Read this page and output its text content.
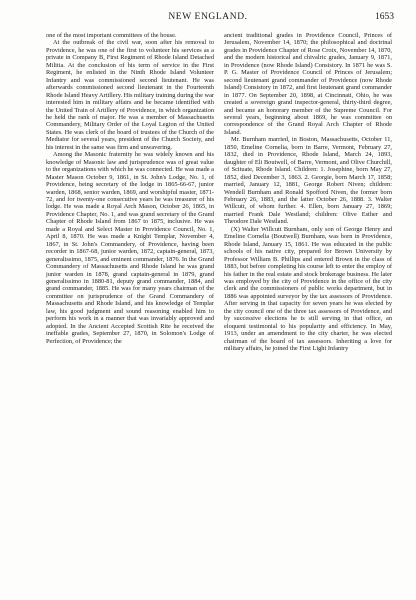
NEW ENGLAND.	1653

one of the most important committees of the house.

At the outbreak of the civil war, soon after his removal to Providence, he was one of the first to volunteer his services as a private in Company B, First Regiment of Rhode Island Detached Militia. At the conclusion of his term of service in the First Regiment, he enlisted in the Ninth Rhode Island Volunteer Infantry and was commissioned second lieutenant. He was afterwards commissioned second lieutenant in the Fourteenth Rhode Island Heavy Artillery. His military training during the war interested him in military affairs and he became identified with the United Train of Artillery of Providence, in which organization he held the rank of major. He was a member of Massachusetts Commandery, Military Order of the Loyal Legion of the United States. He was clerk of the board of trustees of the Church of the Mediator for several years, president of the Church Society, and his interest in the same was firm and unwavering.

Among the Masonic fraternity he was widely known and his knowledge of Masonic law and jurisprudence was of great value to the organizations with which he was connected. He was made a Master Mason October 9, 1861, in St. John's Lodge, No. 1, of Providence, being secretary of the lodge in 1865-66-67, junior warden, 1868, senior warden, 1869, and worshipful master, 1871-72, and for twenty-one consecutive years he was treasurer of his lodge. He was made a Royal Arch Mason, October 26, 1865, in Providence Chapter, No. 1, and was grand secretary of the Grand Chapter of Rhode Island from 1867 to 1875, inclusive. He was made a Royal and Select Master in Providence Council, No. 1, April 8, 1870. He was made a Knight Templar, November 4, 1867, in St. John's Commandery, of Providence, having been recorder in 1867-68, junior warden, 1872, captain-general, 1873, generalissimo, 1875, and eminent commander, 1876. In the Grand Commandery of Massachusetts and Rhode Island he was grand junior warden in 1878, grand captain-general in 1879, grand generalissimo in 1880-81, deputy grand commander, 1884, and grand commander, 1885. He was for many years chairman of the committee on jurisprudence of the Grand Commandery of Massachusetts and Rhode Island, and his knowledge of Templar law, his good judgment and sound reasoning enabled him to perform his work in a manner that was invariably approved and adopted. In the Ancient Accepted Scottish Rite he received the ineffable grades, September 27, 1870, in Solomon's Lodge of Perfection, of Providence; the

ancient traditional grades in Providence Council, Princes of Jerusalem, November 14, 1870; the philosophical and doctrinal grades in Providence Chapter of Rose Croix, November 14, 1870, and the modern historical and chivalric grades, January 9, 1871, in Providence (now Rhode Island) Consistory. In 1871 he was S. P. G. Master of Providence Council of Princes of Jerusalem; second lieutenant grand commander of Providence (now Rhode Island) Consistory in 1872, and first lieutenant grand commander in 1877. On September 20, 1898, at Cincinnati, Ohio, he was created a sovereign grand inspector-general, thirty-third degree, and became an honorary member of the Supreme Council. For several years, beginning about 1869, he was committee on correspondence of the Grand Royal Arch Chapter of Rhode Island.

Mr. Burnham married, in Boston, Massachusetts, October 11, 1850, Emeline Cornelia, born in Barre, Vermont, February 27, 1832, died in Providence, Rhode Island, March 24, 1893, daughter of Eli Boutwell, of Barre, Vermont, and Olive Churchill, of Scituate, Rhode Island. Children: 1. Josephine, born May 27, 1852, died December 3, 1863. 2. Georgie, born March 17, 1858; married, January 12, 1881, George Robert Niven; children: Wendell Burnham and Ronald Spofford Niven, the former born February 26, 1883, and the latter October 26, 1888. 3. Walter Willcutt, of whom further. 4. Ellen, born January 27, 1869; married Frank Dale Westland; children: Olive Esther and Theodore Dale Westland.

(X) Walter Willcutt Burnham, only son of George Henry and Emeline Cornelia (Boutwell) Burnham, was born in Providence, Rhode Island, January 15, 1861. He was educated in the public schools of his native city, prepared for Brown University by Professor William B. Phillips and entered Brown in the class of 1883, but before completing his course left to enter the employ of his father in the real estate and stock brokerage business. He later was employed by the city of Providence in the office of the city clerk and the commissioners of public works department, but in 1886 was appointed surveyor by the tax assessors of Providence. After serving in that capacity for seven years he was elected by the city council one of the three tax assessors of Providence, and by successive elections he is still serving in that office, an eloquent testimonial to his popularity and efficiency. In May, 1913, under an amendment to the city charter, he was elected chairman of the board of tax assessors. Inheriting a love for military affairs, he joined the First Light Infantry
